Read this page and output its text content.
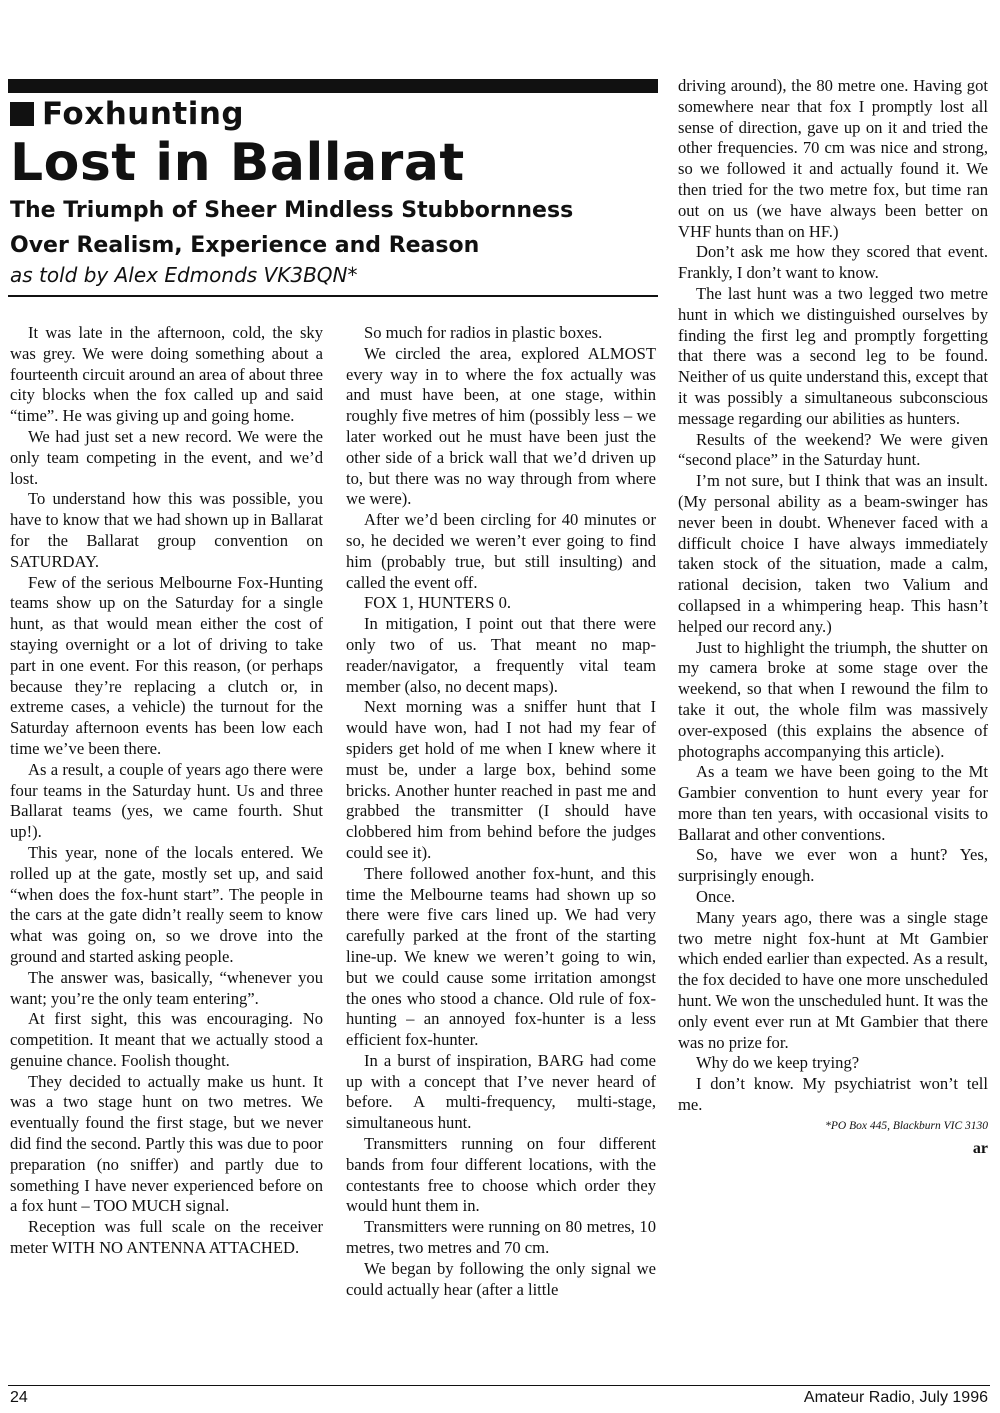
Foxhunting
Lost in Ballarat
The Triumph of Sheer Mindless Stubbornness
Over Realism, Experience and Reason
as told by Alex Edmonds VK3BQN*

It was late in the afternoon, cold, the sky was grey. We were doing something about a fourteenth circuit around an area of about three city blocks when the fox called up and said “time”. He was giving up and going home.

We had just set a new record. We were the only team competing in the event, and we’d lost.

To understand how this was possible, you have to know that we had shown up in Ballarat for the Ballarat group convention on SATURDAY.

Few of the serious Melbourne Fox-Hunting teams show up on the Saturday for a single hunt, as that would mean either the cost of staying overnight or a lot of driving to take part in one event. For this reason, (or perhaps because they’re replacing a clutch or, in extreme cases, a vehicle) the turnout for the Saturday afternoon events has been low each time we’ve been there.

As a result, a couple of years ago there were four teams in the Saturday hunt. Us and three Ballarat teams (yes, we came fourth. Shut up!).

This year, none of the locals entered. We rolled up at the gate, mostly set up, and said “when does the fox-hunt start”. The people in the cars at the gate didn’t really seem to know what was going on, so we drove into the ground and started asking people.

The answer was, basically, “whenever you want; you’re the only team entering”.

At first sight, this was encouraging. No competition. It meant that we actually stood a genuine chance. Foolish thought.

They decided to actually make us hunt. It was a two stage hunt on two metres. We eventually found the first stage, but we never did find the second. Partly this was due to poor preparation (no sniffer) and partly due to something I have never experienced before on a fox hunt – TOO MUCH signal.

Reception was full scale on the receiver meter WITH NO ANTENNA ATTACHED.

So much for radios in plastic boxes.

We circled the area, explored ALMOST every way in to where the fox actually was and must have been, at one stage, within roughly five metres of him (possibly less – we later worked out he must have been just the other side of a brick wall that we’d driven up to, but there was no way through from where we were).

After we’d been circling for 40 minutes or so, he decided we weren’t ever going to find him (probably true, but still insulting) and called the event off.

FOX 1, HUNTERS 0.

In mitigation, I point out that there were only two of us. That meant no map-reader/navigator, a frequently vital team member (also, no decent maps).

Next morning was a sniffer hunt that I would have won, had I not had my fear of spiders get hold of me when I knew where it must be, under a large box, behind some bricks. Another hunter reached in past me and grabbed the transmitter (I should have clobbered him from behind before the judges could see it).

There followed another fox-hunt, and this time the Melbourne teams had shown up so there were five cars lined up. We had very carefully parked at the front of the starting line-up. We knew we weren’t going to win, but we could cause some irritation amongst the ones who stood a chance. Old rule of fox-hunting – an annoyed fox-hunter is a less efficient fox-hunter.

In a burst of inspiration, BARG had come up with a concept that I’ve never heard of before. A multi-frequency, multi-stage, simultaneous hunt.

Transmitters running on four different bands from four different locations, with the contestants free to choose which order they would hunt them in.

Transmitters were running on 80 metres, 10 metres, two metres and 70 cm.

We began by following the only signal we could actually hear (after a little

driving around), the 80 metre one. Having got somewhere near that fox I promptly lost all sense of direction, gave up on it and tried the other frequencies. 70 cm was nice and strong, so we followed it and actually found it. We then tried for the two metre fox, but time ran out on us (we have always been better on VHF hunts than on HF.)

Don’t ask me how they scored that event. Frankly, I don’t want to know.

The last hunt was a two legged two metre hunt in which we distinguished ourselves by finding the first leg and promptly forgetting that there was a second leg to be found. Neither of us quite understand this, except that it was possibly a simultaneous subconscious message regarding our abilities as hunters.

Results of the weekend? We were given “second place” in the Saturday hunt.

I’m not sure, but I think that was an insult. (My personal ability as a beam-swinger has never been in doubt. Whenever faced with a difficult choice I have always immediately taken stock of the situation, made a calm, rational decision, taken two Valium and collapsed in a whimpering heap. This hasn’t helped our record any.)

Just to highlight the triumph, the shutter on my camera broke at some stage over the weekend, so that when I rewound the film to take it out, the whole film was massively over-exposed (this explains the absence of photographs accompanying this article).

As a team we have been going to the Mt Gambier convention to hunt every year for more than ten years, with occasional visits to Ballarat and other conventions.

So, have we ever won a hunt? Yes, surprisingly enough.

Once.

Many years ago, there was a single stage two metre night fox-hunt at Mt Gambier which ended earlier than expected. As a result, the fox decided to have one more unscheduled hunt. We won the unscheduled hunt. It was the only event ever run at Mt Gambier that there was no prize for.

Why do we keep trying?

I don’t know. My psychiatrist won’t tell me.

*PO Box 445, Blackburn VIC 3130

ar

24	Amateur Radio, July 1996
